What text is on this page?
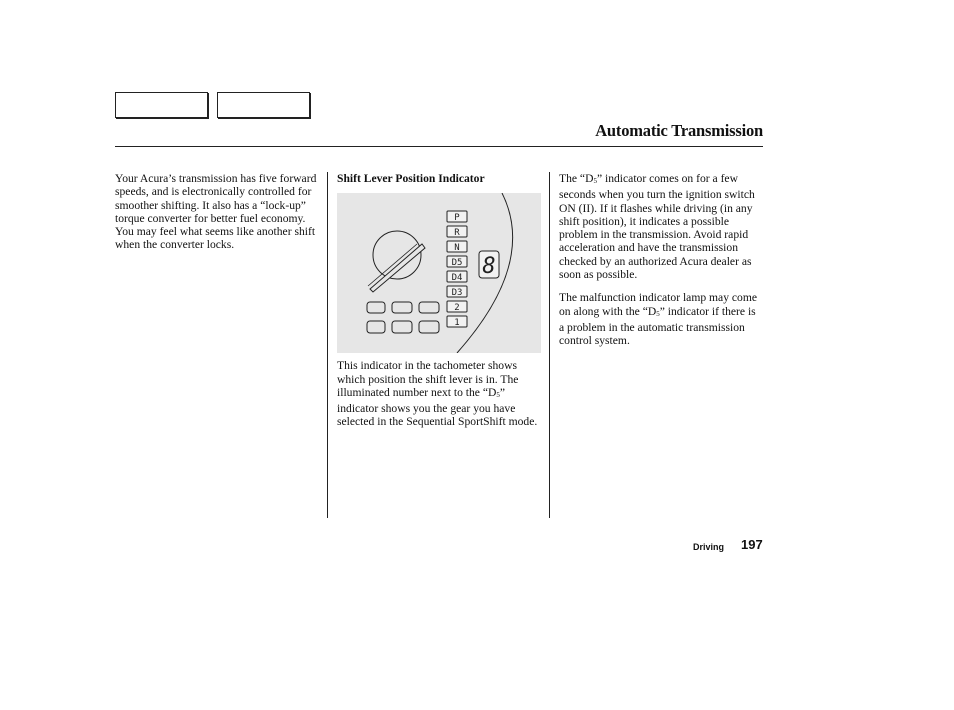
Automatic Transmission

Your Acura’s transmission has five forward speeds, and is electronically controlled for smoother shifting. It also has a “lock-up” torque converter for better fuel economy. You may feel what seems like another shift when the converter locks.

Shift Lever Position Indicator
P
R
N
D5
D4
D3
2
1
8

This indicator in the tachometer shows which position the shift lever is in. The illuminated number next to the “$D_5$” indicator shows you the gear you have selected in the Sequential SportShift mode.

The “$D_5$” indicator comes on for a few seconds when you turn the ignition switch ON (II). If it flashes while driving (in any shift position), it indicates a possible problem in the transmission. Avoid rapid acceleration and have the transmission checked by an authorized Acura dealer as soon as possible.

The malfunction indicator lamp may come on along with the “$D_5$” indicator if there is a problem in the automatic transmission control system.

Driving 197
